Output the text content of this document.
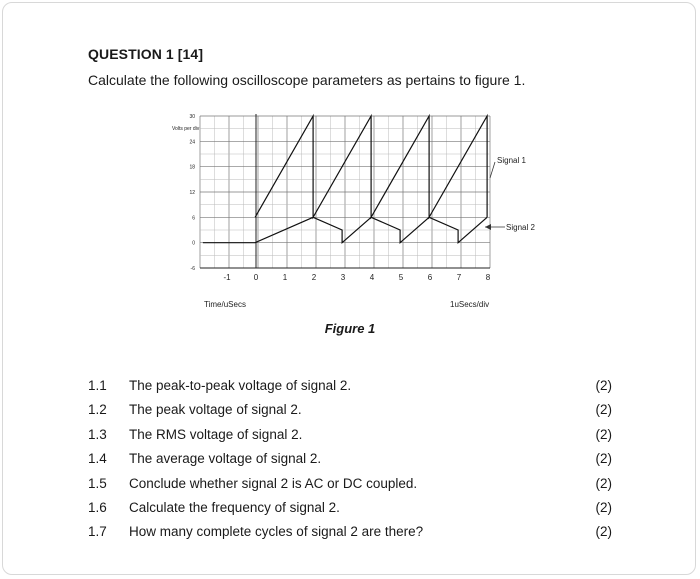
QUESTION 1 [14]
Calculate the following oscilloscope parameters as pertains to figure 1.
30
24
18
12
6
0
-6
-1	0	1	2	3	4	5	6	7	8
Volts per div
Time/uSecs	1uSecs/div
Signal 1
Signal 2
Figure 1
1.1 The peak-to-peak voltage of signal 2.	(2)
1.2 The peak voltage of signal 2.	(2)
1.3 The RMS voltage of signal 2.	(2)
1.4 The average voltage of signal 2.	(2)
1.5 Conclude whether signal 2 is AC or DC coupled.	(2)
1.6 Calculate the frequency of signal 2.	(2)
1.7 How many complete cycles of signal 2 are there?	(2)
